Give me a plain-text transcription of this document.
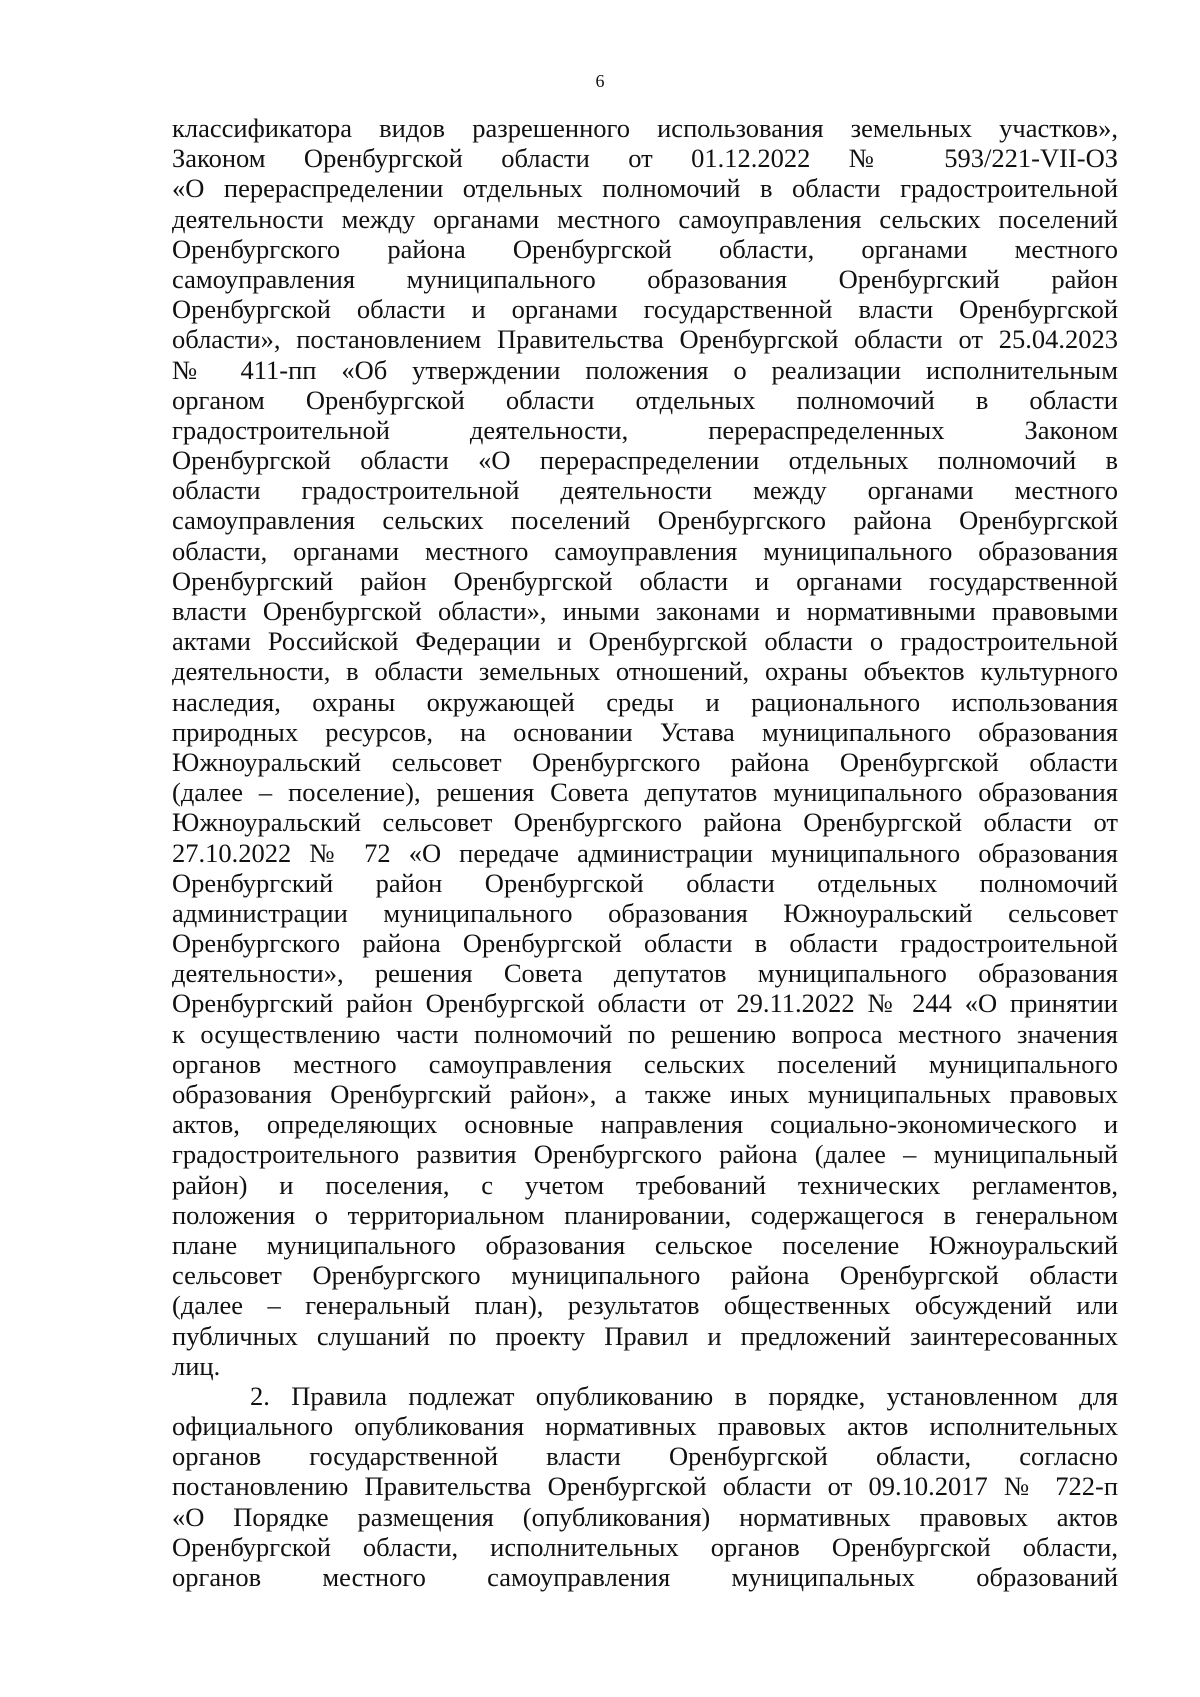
6
классификатора видов разрешенного использования земельных участков»,
Законом Оренбургской области от 01.12.2022 № 593/221-VII-ОЗ
«О перераспределении отдельных полномочий в области градостроительной
деятельности между органами местного самоуправления сельских поселений
Оренбургского района Оренбургской области, органами местного
самоуправления муниципального образования Оренбургский район
Оренбургской области и органами государственной власти Оренбургской
области», постановлением Правительства Оренбургской области от 25.04.2023
№ 411-пп «Об утверждении положения о реализации исполнительным
органом Оренбургской области отдельных полномочий в области
градостроительной деятельности, перераспределенных Законом
Оренбургской области «О перераспределении отдельных полномочий в
области градостроительной деятельности между органами местного
самоуправления сельских поселений Оренбургского района Оренбургской
области, органами местного самоуправления муниципального образования
Оренбургский район Оренбургской области и органами государственной
власти Оренбургской области», иными законами и нормативными правовыми
актами Российской Федерации и Оренбургской области о градостроительной
деятельности, в области земельных отношений, охраны объектов культурного
наследия, охраны окружающей среды и рационального использования
природных ресурсов, на основании Устава муниципального образования
Южноуральский сельсовет Оренбургского района Оренбургской области
(далее – поселение), решения Совета депутатов муниципального образования
Южноуральский сельсовет Оренбургского района Оренбургской области от
27.10.2022 № 72 «О передаче администрации муниципального образования
Оренбургский район Оренбургской области отдельных полномочий
администрации муниципального образования Южноуральский сельсовет
Оренбургского района Оренбургской области в области градостроительной
деятельности», решения Совета депутатов муниципального образования
Оренбургский район Оренбургской области от 29.11.2022 № 244 «О принятии
к осуществлению части полномочий по решению вопроса местного значения
органов местного самоуправления сельских поселений муниципального
образования Оренбургский район», а также иных муниципальных правовых
актов, определяющих основные направления социально-экономического и
градостроительного развития Оренбургского района (далее – муниципальный
район) и поселения, с учетом требований технических регламентов,
положения о территориальном планировании, содержащегося в генеральном
плане муниципального образования сельское поселение Южноуральский
сельсовет Оренбургского муниципального района Оренбургской области
(далее – генеральный план), результатов общественных обсуждений или
публичных слушаний по проекту Правил и предложений заинтересованных
лиц.
2. Правила подлежат опубликованию в порядке, установленном для
официального опубликования нормативных правовых актов исполнительных
органов государственной власти Оренбургской области, согласно
постановлению Правительства Оренбургской области от 09.10.2017 № 722-п
«О Порядке размещения (опубликования) нормативных правовых актов
Оренбургской области, исполнительных органов Оренбургской области,
органов местного самоуправления муниципальных образований
